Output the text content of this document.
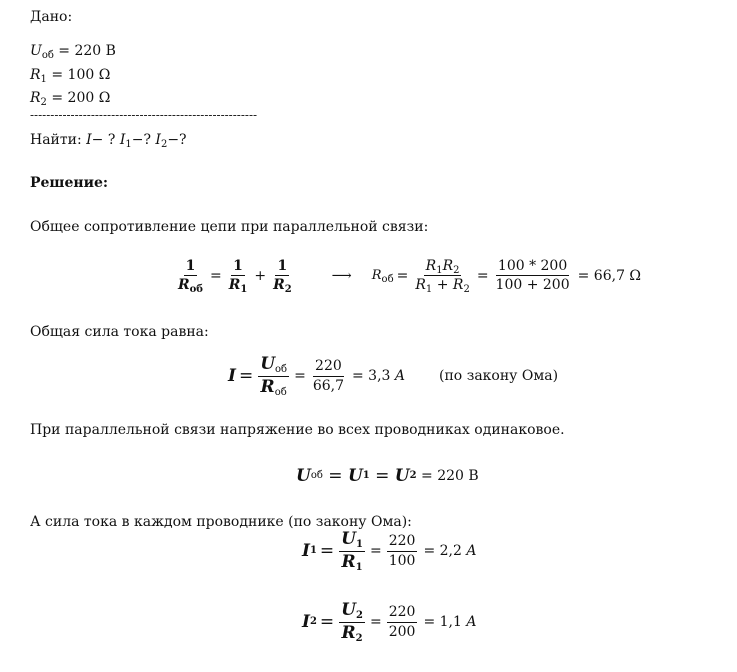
Дано:
$U_{об} = 220$ В
$R_1 = 100$ Ω
$R_2 = 200$ Ω
--------------------------------------------------------
Найти: I− ? $I_1-$? $I_2-$?
Решение:
Общее сопротивление цепи при параллельной связи:
$\frac{1}{R_{об}} = \frac{1}{R_1} + \frac{1}{R_2}$	⟶ $R_{об} = \frac{R_1R_2}{R_1 + R_2} = \frac{100 * 200}{100 + 200} = 66,7$ Ω
Общая сила тока равна:
$I = \frac{U_{об}}{R_{об}} = \frac{220}{66,7} = 3,3$
A (по закону Ома)
При параллельной связи напряжение во всех проводниках одинаковое.
U об = U 1 = U 2 = 220 В
А сила тока в каждом проводнике (по закону Ома):
I $1 = \frac{U_1}{R_1} = \frac{220}{100} = 2,2$
A
I $2 = \frac{U_2}{R_2} = \frac{220}{200} = 1,1$
A
